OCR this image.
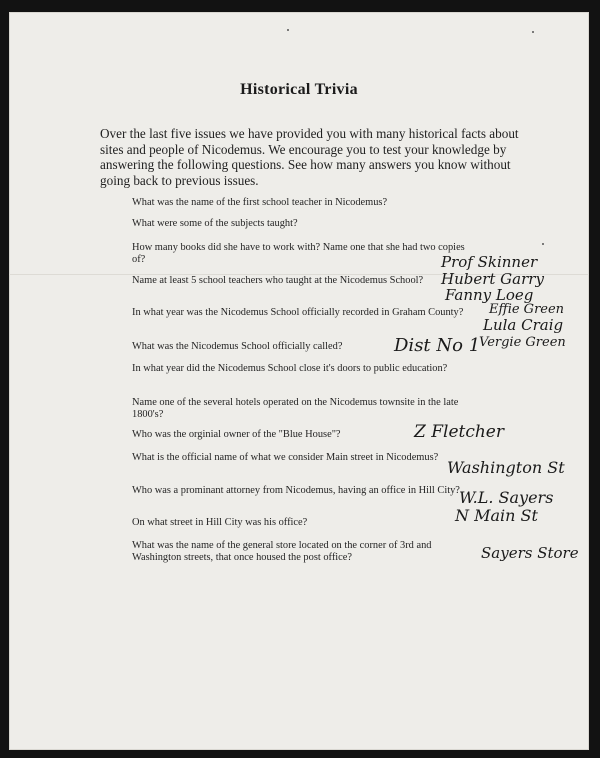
Historical Trivia

Over the last five issues we have provided you with many historical facts about sites and people of Nicodemus. We encourage you to test your knowledge by answering the following questions. See how many answers you know without going back to previous issues.

What was the name of the first school teacher in Nicodemus?

What were some of the subjects taught?

How many books did she have to work with? Name one that she had two copies of?

Name at least 5 school teachers who taught at the Nicodemus School?

In what year was the Nicodemus School officially recorded in Graham County?

What was the Nicodemus School officially called?

In what year did the Nicodemus School close it's doors to public education?

Name one of the several hotels operated on the Nicodemus townsite in the late 1800's?

Who was the orginial owner of the "Blue House"?

What is the official name of what we consider Main street in Nicodemus?

Who was a prominant attorney from Nicodemus, having an office in Hill City?

On what street in Hill City was his office?

What was the name of the general store located on the corner of 3rd and Washington streets, that once housed the post office?

Prof Skinner
Hubert Garry
Fanny Loeg
Effie Green
Lula Craig
Vergie Green
Dist No 1
Z Fletcher
Washington St
W.L. Sayers
N Main St
Sayers Store
